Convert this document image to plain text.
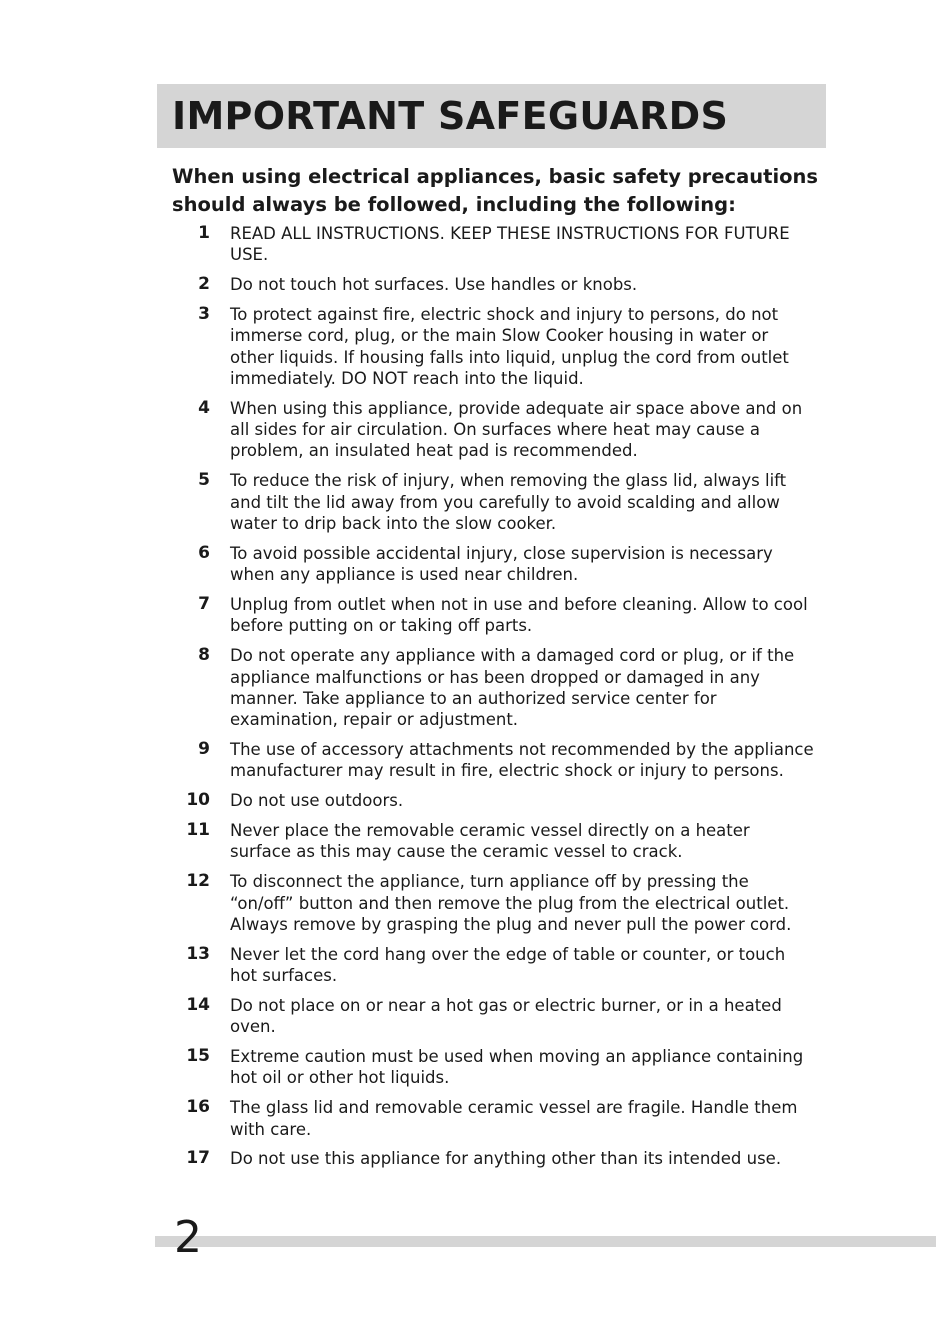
IMPORTANT SAFEGUARDS

When using electrical appliances, basic safety precautions should always be followed, including the following:

1 READ ALL INSTRUCTIONS. KEEP THESE INSTRUCTIONS FOR FUTURE USE.
2 Do not touch hot surfaces. Use handles or knobs.
3 To protect against fire, electric shock and injury to persons, do not immerse cord, plug, or the main Slow Cooker housing in water or other liquids. If housing falls into liquid, unplug the cord from outlet immediately. DO NOT reach into the liquid.
4 When using this appliance, provide adequate air space above and on all sides for air circulation. On surfaces where heat may cause a problem, an insulated heat pad is recommended.
5 To reduce the risk of injury, when removing the glass lid, always lift and tilt the lid away from you carefully to avoid scalding and allow water to drip back into the slow cooker.
6 To avoid possible accidental injury, close supervision is necessary when any appliance is used near children.
7 Unplug from outlet when not in use and before cleaning. Allow to cool before putting on or taking off parts.
8 Do not operate any appliance with a damaged cord or plug, or if the appliance malfunctions or has been dropped or damaged in any manner. Take appliance to an authorized service center for examination, repair or adjustment.
9 The use of accessory attachments not recommended by the appliance manufacturer may result in fire, electric shock or injury to persons.
10 Do not use outdoors.
11 Never place the removable ceramic vessel directly on a heater surface as this may cause the ceramic vessel to crack.
12 To disconnect the appliance, turn appliance off by pressing the “on/off” button and then remove the plug from the electrical outlet. Always remove by grasping the plug and never pull the power cord.
13 Never let the cord hang over the edge of table or counter, or touch hot surfaces.
14 Do not place on or near a hot gas or electric burner, or in a heated oven.
15 Extreme caution must be used when moving an appliance containing hot oil or other hot liquids.
16 The glass lid and removable ceramic vessel are fragile. Handle them with care.
17 Do not use this appliance for anything other than its intended use.
2
